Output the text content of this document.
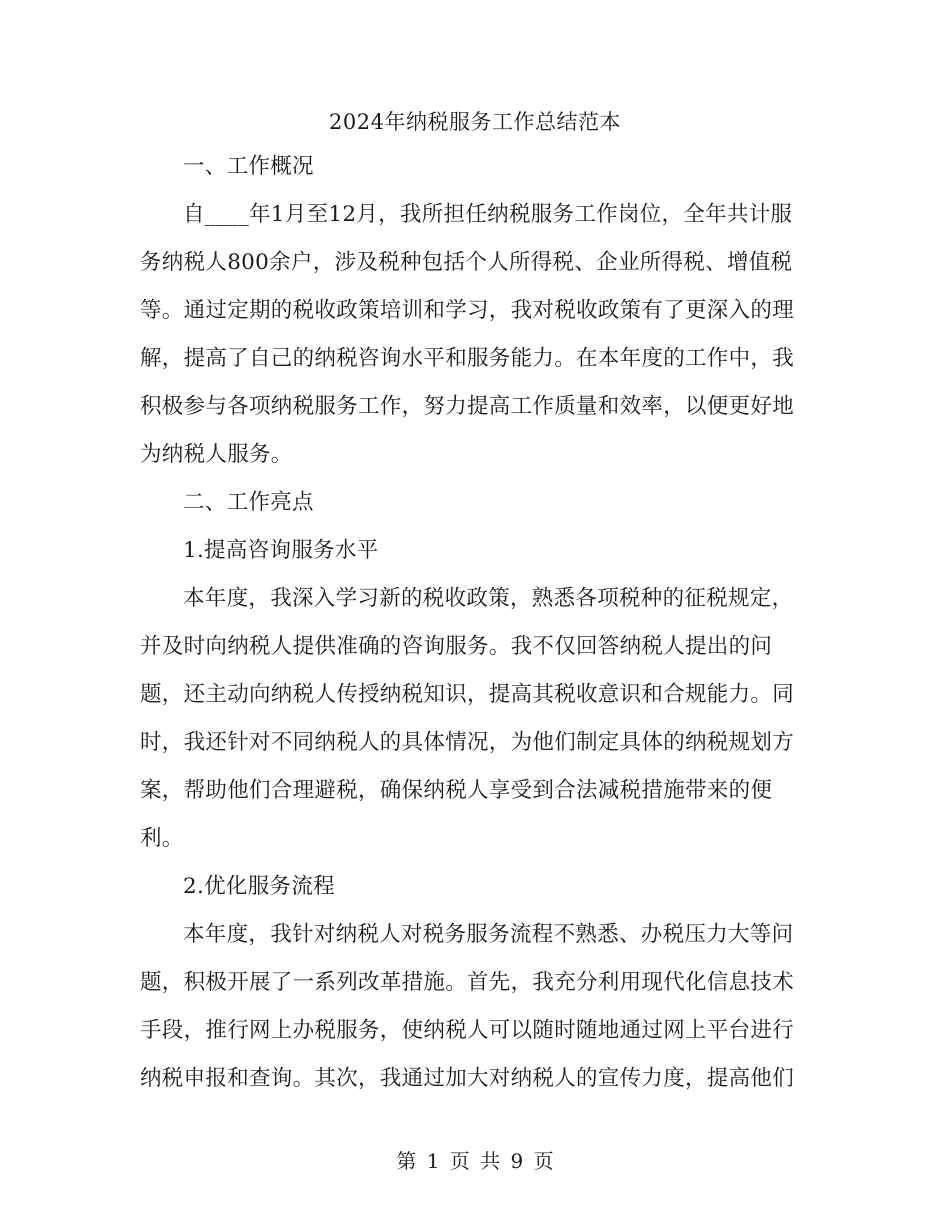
2024年纳税服务工作总结范本

一、工作概况

自____年1月至12月，我所担任纳税服务工作岗位，全年共计服务纳税人800余户，涉及税种包括个人所得税、企业所得税、增值税等。通过定期的税收政策培训和学习，我对税收政策有了更深入的理解，提高了自己的纳税咨询水平和服务能力。在本年度的工作中，我积极参与各项纳税服务工作，努力提高工作质量和效率，以便更好地为纳税人服务。

二、工作亮点

1.提高咨询服务水平

本年度，我深入学习新的税收政策，熟悉各项税种的征税规定，并及时向纳税人提供准确的咨询服务。我不仅回答纳税人提出的问题，还主动向纳税人传授纳税知识，提高其税收意识和合规能力。同时，我还针对不同纳税人的具体情况，为他们制定具体的纳税规划方案，帮助他们合理避税，确保纳税人享受到合法减税措施带来的便利。

2.优化服务流程

本年度，我针对纳税人对税务服务流程不熟悉、办税压力大等问题，积极开展了一系列改革措施。首先，我充分利用现代化信息技术手段，推行网上办税服务，使纳税人可以随时随地通过网上平台进行纳税申报和查询。其次，我通过加大对纳税人的宣传力度，提高他们

第 1 页 共 9 页
